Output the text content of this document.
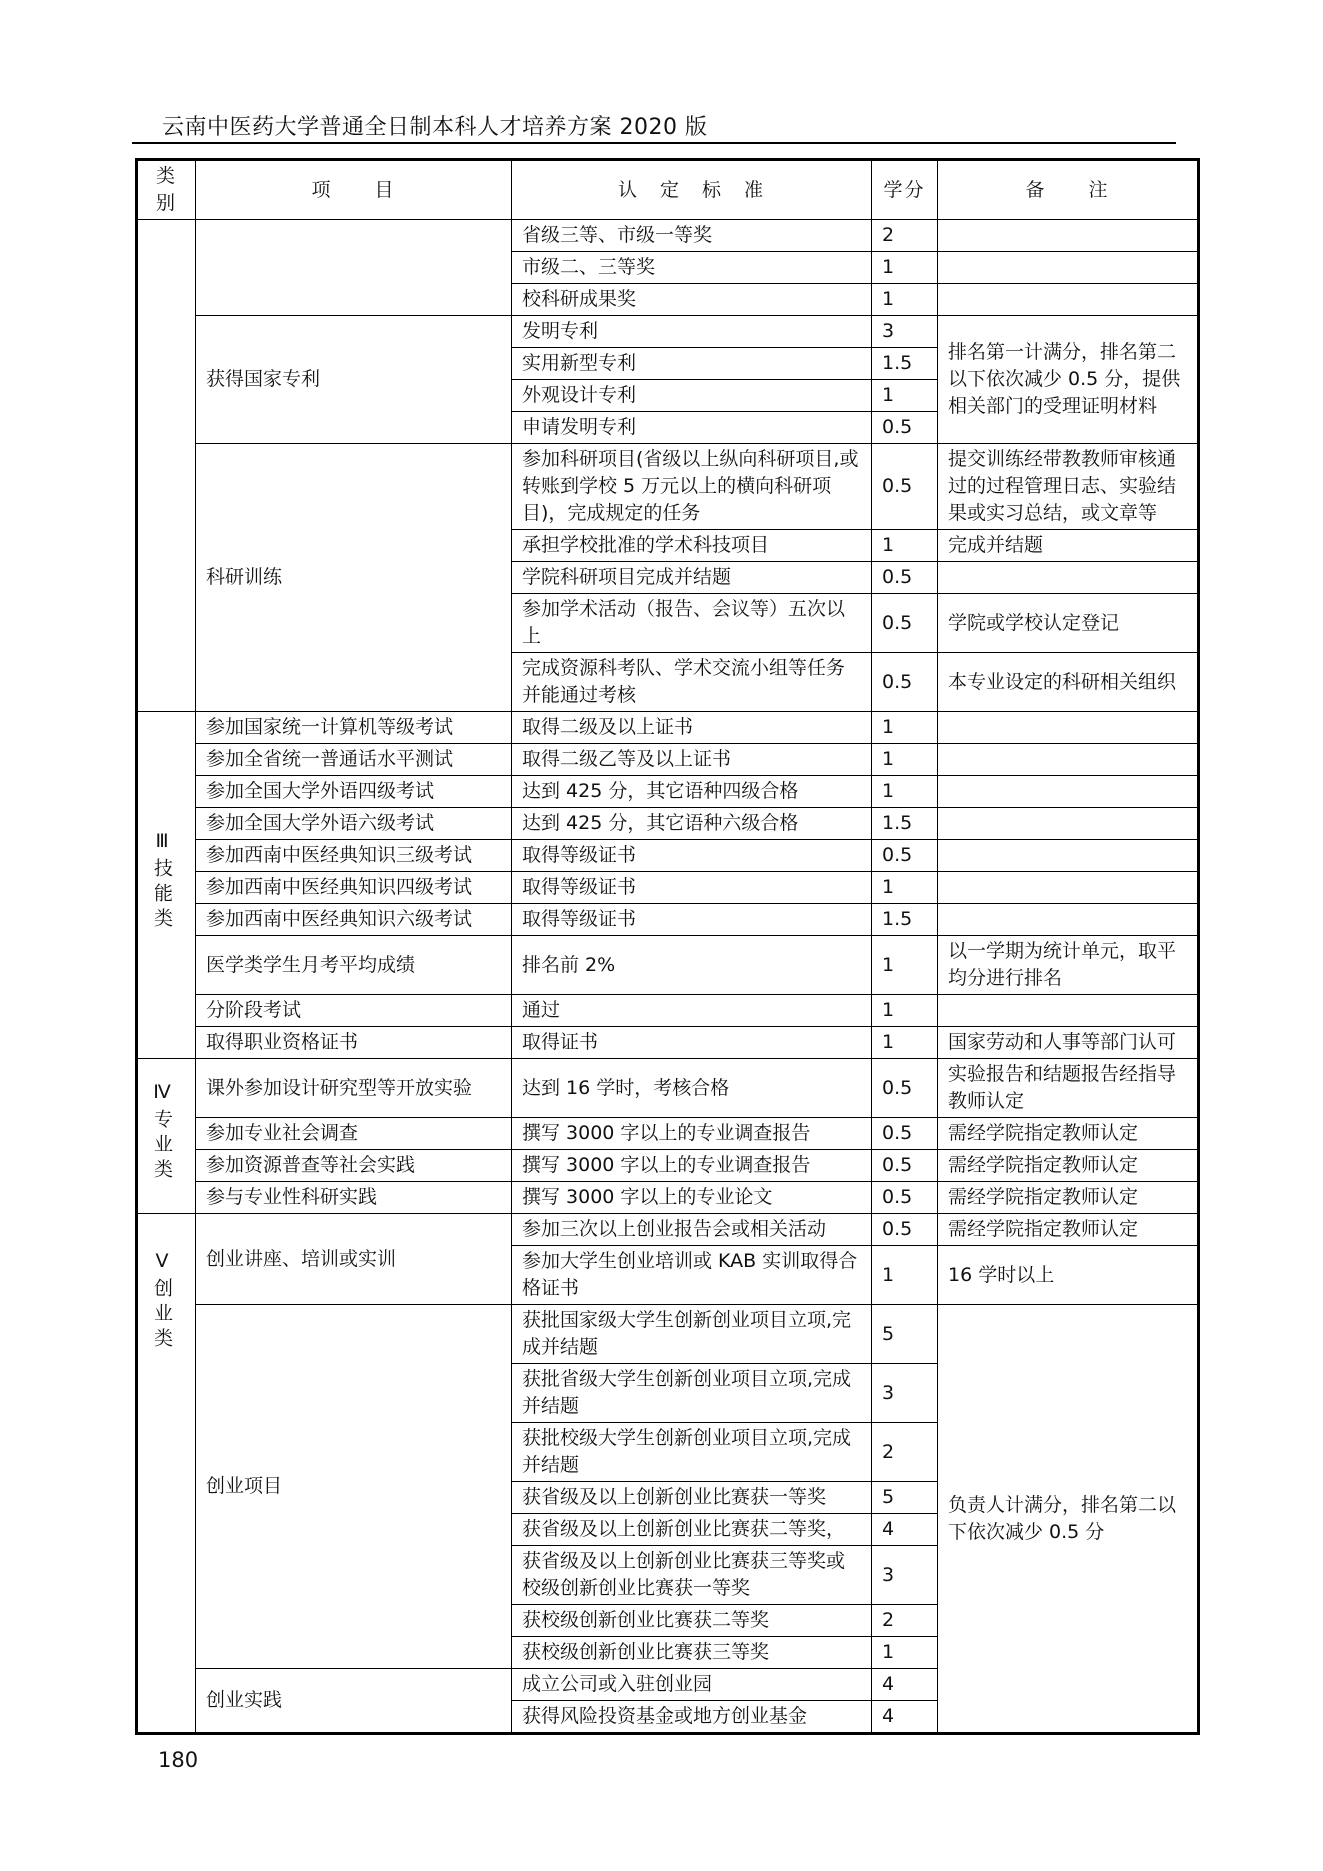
云南中医药大学普通全日制本科人才培养方案 2020 版
类别	项　　目	认　定　标　准	学分	备　　注
		省级三等、市级一等奖	2	
		市级二、三等奖	1	
		校科研成果奖	1	
	获得国家专利	发明专利	3	排名第一计满分，排名第二以下依次减少 0.5 分，提供相关部门的受理证明材料
		实用新型专利	1.5	
		外观设计专利	1	
		申请发明专利	0.5	
	科研训练	参加科研项目(省级以上纵向科研项目,或转账到学校 5 万元以上的横向科研项目)，完成规定的任务	0.5	提交训练经带教教师审核通过的过程管理日志、实验结果或实习总结，或文章等
		承担学校批准的学术科技项目	1	完成并结题
		学院科研项目完成并结题	0.5	
		参加学术活动（报告、会议等）五次以上	0.5	学院或学校认定登记
		完成资源科考队、学术交流小组等任务并能通过考核	0.5	本专业设定的科研相关组织
Ⅲ技能类	参加国家统一计算机等级考试	取得二级及以上证书	1	
	参加全省统一普通话水平测试	取得二级乙等及以上证书	1	
	参加全国大学外语四级考试	达到 425 分，其它语种四级合格	1	
	参加全国大学外语六级考试	达到 425 分，其它语种六级合格	1.5	
	参加西南中医经典知识三级考试	取得等级证书	0.5	
	参加西南中医经典知识四级考试	取得等级证书	1	
	参加西南中医经典知识六级考试	取得等级证书	1.5	
	医学类学生月考平均成绩	排名前 2%	1	以一学期为统计单元，取平均分进行排名
	分阶段考试	通过	1	
	取得职业资格证书	取得证书	1	国家劳动和人事等部门认可
Ⅳ专业类	课外参加设计研究型等开放实验	达到 16 学时，考核合格	0.5	实验报告和结题报告经指导教师认定
	参加专业社会调查	撰写 3000 字以上的专业调查报告	0.5	需经学院指定教师认定
	参加资源普查等社会实践	撰写 3000 字以上的专业调查报告	0.5	需经学院指定教师认定
	参与专业性科研实践	撰写 3000 字以上的专业论文	0.5	需经学院指定教师认定
Ⅴ创业类	创业讲座、培训或实训	参加三次以上创业报告会或相关活动	0.5	需经学院指定教师认定
		参加大学生创业培训或 KAB 实训取得合格证书	1	16 学时以上
	创业项目	获批国家级大学生创新创业项目立项,完成并结题	5	负责人计满分，排名第二以下依次减少 0.5 分
		获批省级大学生创新创业项目立项,完成并结题	3	
		获批校级大学生创新创业项目立项,完成并结题	2	
		获省级及以上创新创业比赛获一等奖	5	
		获省级及以上创新创业比赛获二等奖，	4	
		获省级及以上创新创业比赛获三等奖或校级创新创业比赛获一等奖	3	
		获校级创新创业比赛获二等奖	2	
		获校级创新创业比赛获三等奖	1	
	创业实践	成立公司或入驻创业园	4	
		获得风险投资基金或地方创业基金	4	
180
